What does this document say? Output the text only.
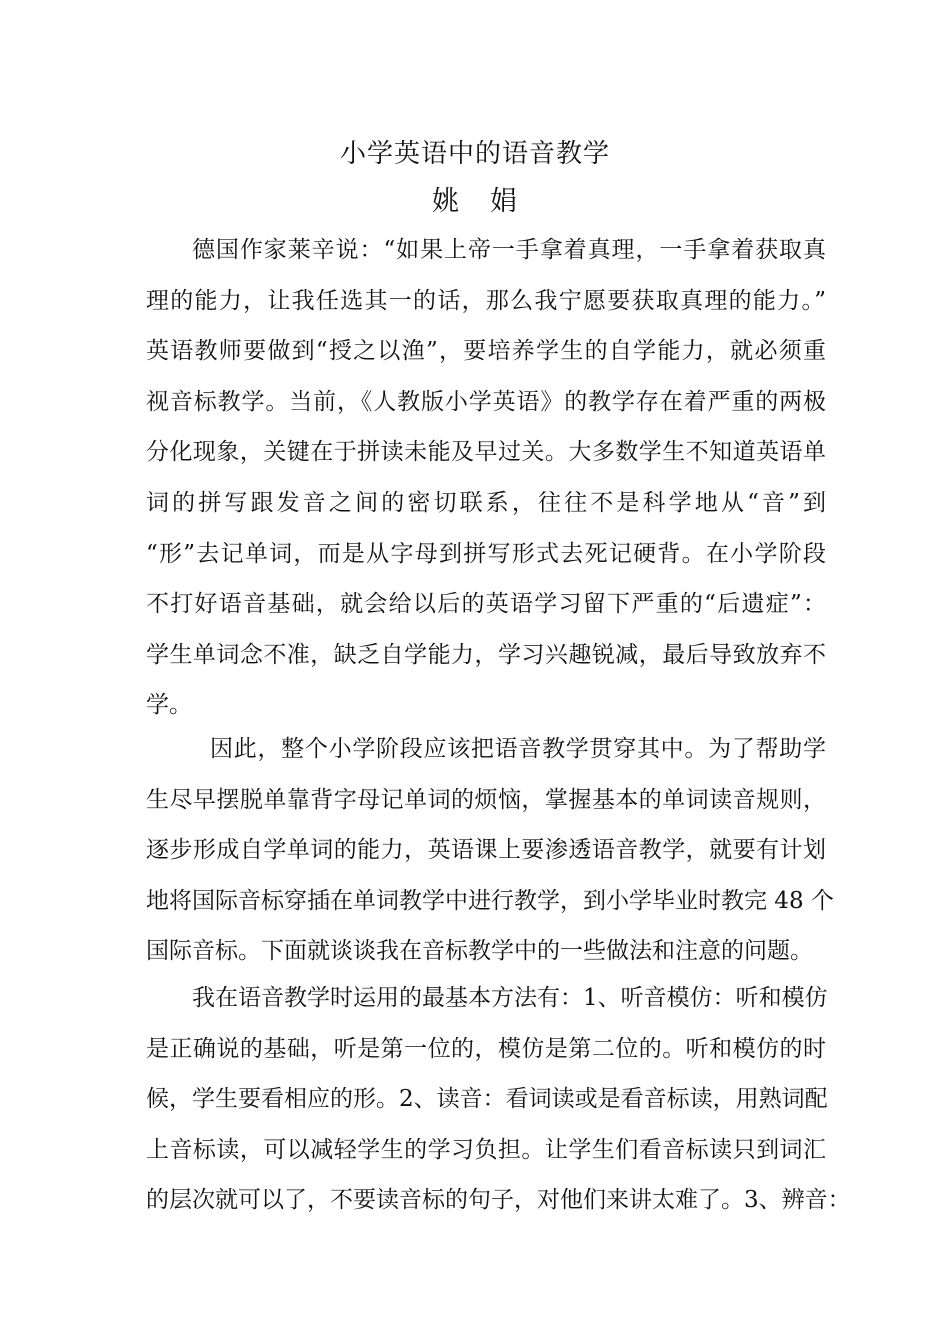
小学英语中的语音教学
姚 娟
德国作家莱辛说：“如果上帝一手拿着真理，一手拿着获取真
理的能力，让我任选其一的话，那么我宁愿要获取真理的能力。”
英语教师要做到“授之以渔”，要培养学生的自学能力，就必须重
视音标教学。当前，《人教版小学英语》的教学存在着严重的两极
分化现象，关键在于拼读未能及早过关。大多数学生不知道英语单
词的拼写跟发音之间的密切联系，往往不是科学地从“音”到
“形”去记单词，而是从字母到拼写形式去死记硬背。在小学阶段
不打好语音基础，就会给以后的英语学习留下严重的“后遗症”：
学生单词念不准，缺乏自学能力，学习兴趣锐减，最后导致放弃不
学。
因此，整个小学阶段应该把语音教学贯穿其中。为了帮助学
生尽早摆脱单靠背字母记单词的烦恼，掌握基本的单词读音规则，
逐步形成自学单词的能力，英语课上要渗透语音教学，就要有计划
地将国际音标穿插在单词教学中进行教学，到小学毕业时教完 48 个
国际音标。下面就谈谈我在音标教学中的一些做法和注意的问题。
我在语音教学时运用的最基本方法有：1、听音模仿：听和模仿
是正确说的基础，听是第一位的，模仿是第二位的。听和模仿的时
候，学生要看相应的形。2、读音：看词读或是看音标读，用熟词配
上音标读，可以减轻学生的学习负担。让学生们看音标读只到词汇
的层次就可以了，不要读音标的句子，对他们来讲太难了。3、辨音：
